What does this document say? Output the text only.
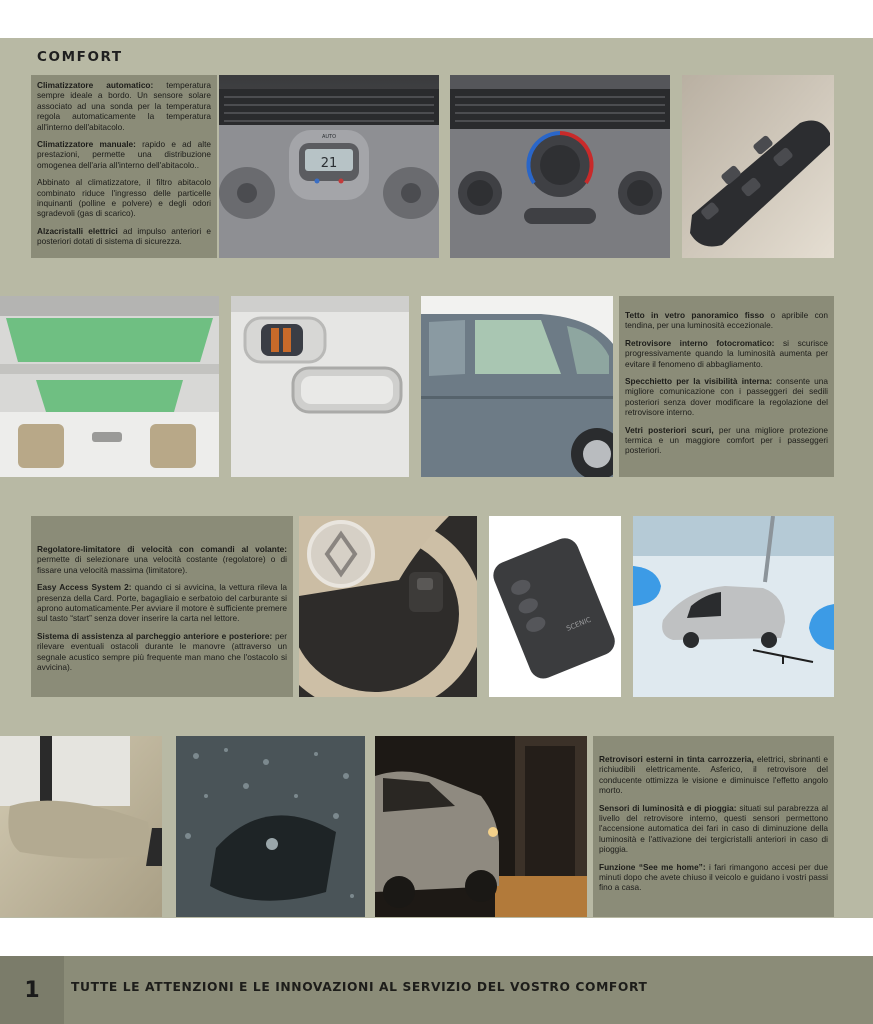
COMFORT

Climatizzatore automatico: temperatura sempre ideale a bordo. Un sensore solare associato ad una sonda per la temperatura regola automaticamente la temperatura all'interno dell'abitacolo.

Climatizzatore manuale: rapido e ad alte prestazioni, permette una distribuzione omogenea dell'aria all'interno dell'abitacolo..

Abbinato al climatizzatore, il filtro abitacolo combinato riduce l'ingresso delle particelle inquinanti (polline e polvere) e degli odori sgradevoli (gas di scarico).

Alzacristalli elettrici ad impulso anteriori e posteriori dotati di sistema di sicurezza.

21
AUTO

Tetto in vetro panoramico fisso o apribile con tendina, per una luminosità eccezionale.

Retrovisore interno fotocromatico: si scurisce progressivamente quando la luminosità aumenta per evitare il fenomeno di abbagliamento.

Specchietto per la visibilità interna: consente una migliore comunicazione con i passeggeri dei sedili posteriori senza dover modificare la regolazione del retrovisore interno.

Vetri posteriori scuri, per una migliore protezione termica e un maggiore comfort per i passeggeri posteriori.

Regolatore-limitatore di velocità con comandi al volante: permette di selezionare una velocità costante (regolatore) o di fissare una velocità massima (limitatore).

Easy Access System 2: quando ci si avvicina, la vettura rileva la presenza della Card. Porte, bagagliaio e serbatoio del carburante si aprono automaticamente.Per avviare il motore è sufficiente premere sul tasto “start” senza dover inserire la carta nel lettore.

Sistema di assistenza al parcheggio anteriore e posteriore: per rilevare eventuali ostacoli durante le manovre (attraverso un segnale acustico sempre più frequente man mano che l'ostacolo si avvicina).

SCENIC

Retrovisori esterni in tinta carrozzeria, elettrici, sbrinanti e richiudibili elettricamente. Asferico, il retrovisore del conducente ottimizza le visione e diminuisce l'effetto angolo morto.

Sensori di luminosità e di pioggia: situati sul parabrezza al livello del retrovisore interno, questi sensori permettono l'accensione automatica dei fari in caso di diminuzione della luminosità e l'attivazione dei tergicristalli anteriori in caso di pioggia.

Funzione “See me home”: i fari rimangono accesi per due minuti dopo che avete chiuso il veicolo e guidano i vostri passi fino a casa.

1	TUTTE LE ATTENZIONI E LE INNOVAZIONI AL SERVIZIO DEL VOSTRO COMFORT
